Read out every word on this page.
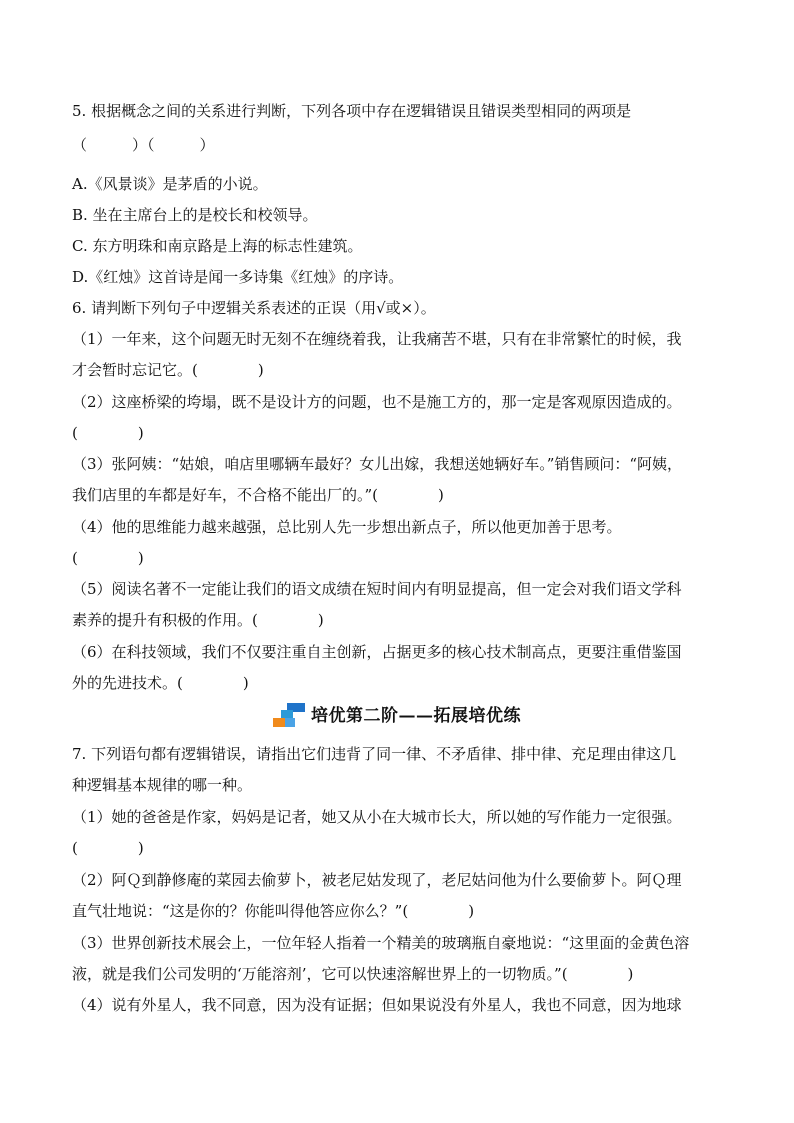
5. 根据概念之间的关系进行判断，下列各项中存在逻辑错误且错误类型相同的两项是
（　　　）（　　　）
A.《风景谈》是茅盾的小说。
B. 坐在主席台上的是校长和校领导。
C. 东方明珠和南京路是上海的标志性建筑。
D.《红烛》这首诗是闻一多诗集《红烛》的序诗。
6. 请判断下列句子中逻辑关系表述的正误（用√或×）。
（1）一年来，这个问题无时无刻不在缠绕着我，让我痛苦不堪，只有在非常繁忙的时候，我
才会暂时忘记它。(　　　　)
（2）这座桥梁的垮塌，既不是设计方的问题，也不是施工方的，那一定是客观原因造成的。
(　　　　)
（3）张阿姨：“姑娘，咱店里哪辆车最好？女儿出嫁，我想送她辆好车。”销售顾问：“阿姨，
我们店里的车都是好车，不合格不能出厂的。”(　　　　)
（4）他的思维能力越来越强，总比别人先一步想出新点子，所以他更加善于思考。
(　　　　)
（5）阅读名著不一定能让我们的语文成绩在短时间内有明显提高，但一定会对我们语文学科
素养的提升有积极的作用。(　　　　)
（6）在科技领域，我们不仅要注重自主创新，占据更多的核心技术制高点，更要注重借鉴国
外的先进技术。(　　　　)
培优第二阶——拓展培优练
7. 下列语句都有逻辑错误，请指出它们违背了同一律、不矛盾律、排中律、充足理由律这几
种逻辑基本规律的哪一种。
（1）她的爸爸是作家，妈妈是记者，她又从小在大城市长大，所以她的写作能力一定很强。
(　　　　)
（2）阿Ｑ到静修庵的菜园去偷萝卜，被老尼姑发现了，老尼姑问他为什么要偷萝卜。阿Ｑ理
直气壮地说：“这是你的？你能叫得他答应你么？”(　　　　)
（3）世界创新技术展会上，一位年轻人指着一个精美的玻璃瓶自豪地说：“这里面的金黄色溶
液，就是我们公司发明的‘万能溶剂’，它可以快速溶解世界上的一切物质。”(　　　　)
（4）说有外星人，我不同意，因为没有证据；但如果说没有外星人，我也不同意，因为地球
